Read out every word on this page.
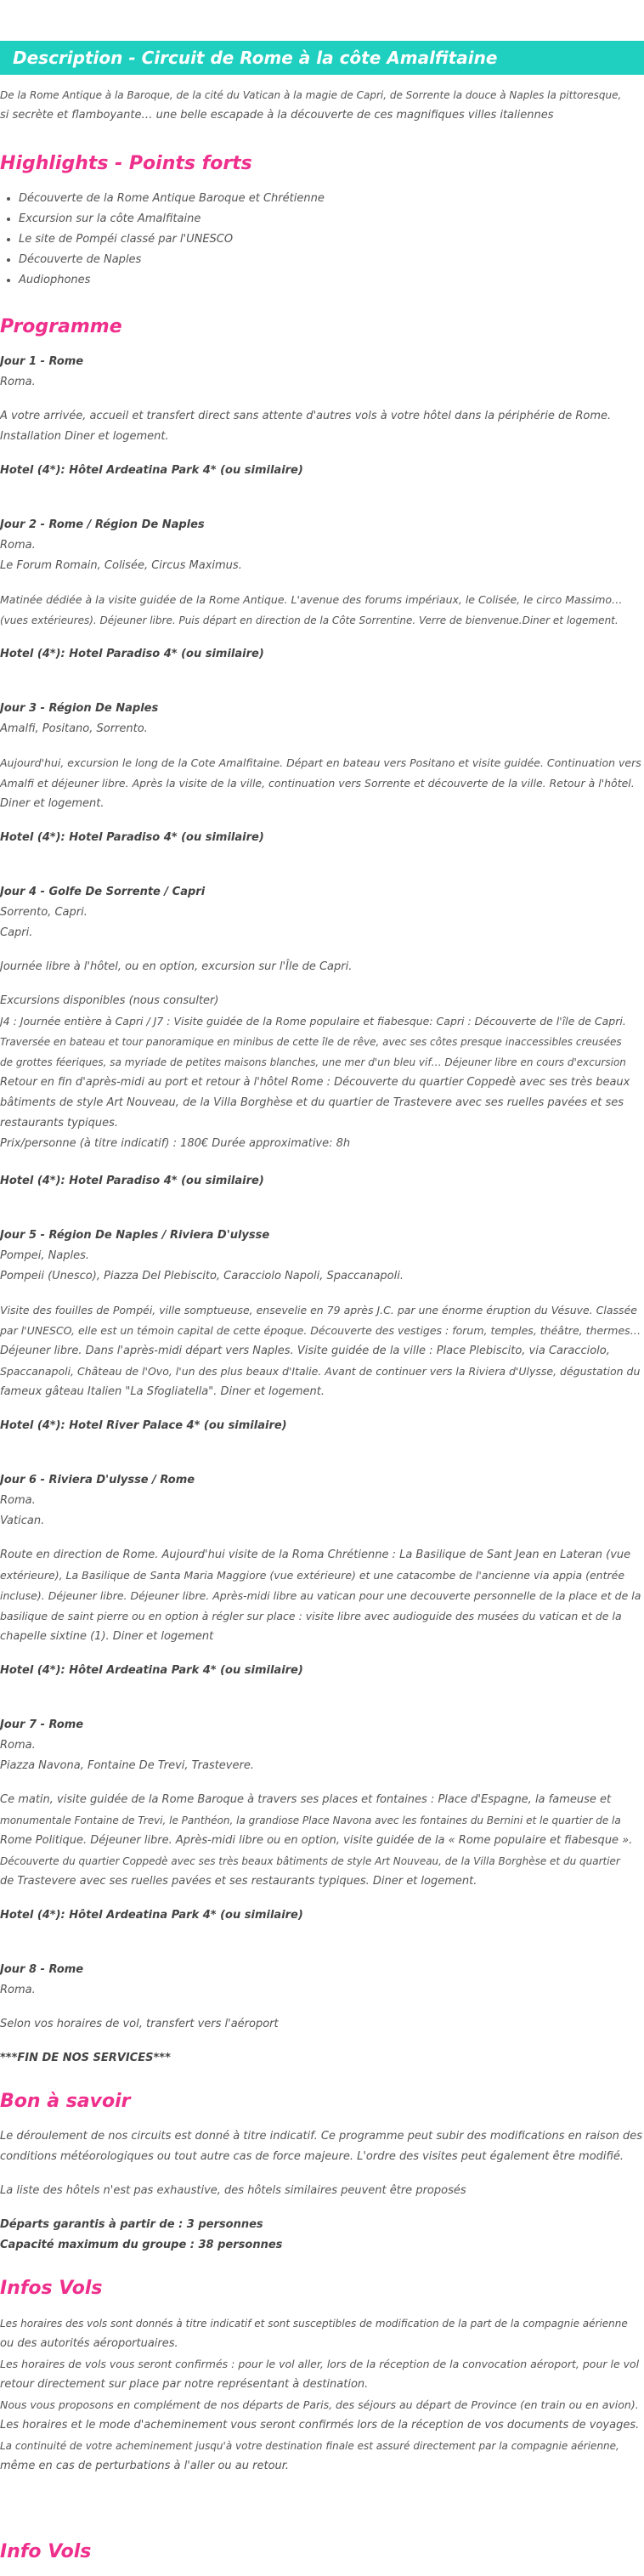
Description - Circuit de Rome à la côte Amalfitaine

De la Rome Antique à la Baroque, de la cité du Vatican à la magie de Capri, de Sorrente la douce à Naples la pittoresque,

si secrète et flamboyante… une belle escapade à la découverte de ces magnifiques villes italiennes

Highlights - Points forts
• Découverte de la Rome Antique Baroque et Chrétienne
• Excursion sur la côte Amalfitaine
• Le site de Pompéi classé par l'UNESCO
• Découverte de Naples
• Audiophones
Programme

Jour 1 - Rome

Roma.

A votre arrivée, accueil et transfert direct sans attente d'autres vols à votre hôtel dans la périphérie de Rome.

Installation Diner et logement.

Hotel (4*): Hôtel Ardeatina Park 4* (ou similaire)

Jour 2 - Rome / Région De Naples

Roma.

Le Forum Romain, Colisée, Circus Maximus.

Matinée dédiée à la visite guidée de la Rome Antique. L'avenue des forums impériaux, le Colisée, le circo Massimo…

(vues extérieures). Déjeuner libre. Puis départ en direction de la Côte Sorrentine. Verre de bienvenue.Diner et logement.

Hotel (4*): Hotel Paradiso 4* (ou similaire)

Jour 3 - Région De Naples

Amalfi, Positano, Sorrento.

Aujourd'hui, excursion le long de la Cote Amalfitaine. Départ en bateau vers Positano et visite guidée. Continuation vers

Amalfi et déjeuner libre. Après la visite de la ville, continuation vers Sorrente et découverte de la ville. Retour à l'hôtel.

Diner et logement.

Hotel (4*): Hotel Paradiso 4* (ou similaire)

Jour 4 - Golfe De Sorrente / Capri

Sorrento, Capri.

Capri.

Journée libre à l'hôtel, ou en option, excursion sur l'Île de Capri.

Excursions disponibles (nous consulter)

J4 : Journée entière à Capri / J7 : Visite guidée de la Rome populaire et fiabesque: Capri : Découverte de l'île de Capri.

Traversée en bateau et tour panoramique en minibus de cette île de rêve, avec ses côtes presque inaccessibles creusées

de grottes féeriques, sa myriade de petites maisons blanches, une mer d'un bleu vif… Déjeuner libre en cours d'excursion

Retour en fin d'après-midi au port et retour à l'hôtel Rome : Découverte du quartier Coppedè avec ses très beaux

bâtiments de style Art Nouveau, de la Villa Borghèse et du quartier de Trastevere avec ses ruelles pavées et ses

restaurants typiques.

Prix/personne (à titre indicatif) : 180€ Durée approximative: 8h

Hotel (4*): Hotel Paradiso 4* (ou similaire)

Jour 5 - Région De Naples / Riviera D'ulysse

Pompei, Naples.

Pompeii (Unesco), Piazza Del Plebiscito, Caracciolo Napoli, Spaccanapoli.

Visite des fouilles de Pompéi, ville somptueuse, ensevelie en 79 après J.C. par une énorme éruption du Vésuve. Classée

par l'UNESCO, elle est un témoin capital de cette époque. Découverte des vestiges : forum, temples, théâtre, thermes…

Déjeuner libre. Dans l'après-midi départ vers Naples. Visite guidée de la ville : Place Plebiscito, via Caracciolo,

Spaccanapoli, Château de l'Ovo, l'un des plus beaux d'Italie. Avant de continuer vers la Riviera d'Ulysse, dégustation du

fameux gâteau Italien "La Sfogliatella". Diner et logement.

Hotel (4*): Hotel River Palace 4* (ou similaire)

Jour 6 - Riviera D'ulysse / Rome

Roma.

Vatican.

Route en direction de Rome. Aujourd'hui visite de la Roma Chrétienne : La Basilique de Sant Jean en Lateran (vue

extérieure), La Basilique de Santa Maria Maggiore (vue extérieure) et une catacombe de l'ancienne via appia (entrée

incluse). Déjeuner libre. Déjeuner libre. Après-midi libre au vatican pour une decouverte personnelle de la place et de la

basilique de saint pierre ou en option à régler sur place : visite libre avec audioguide des musées du vatican et de la

chapelle sixtine (1). Diner et logement

Hotel (4*): Hôtel Ardeatina Park 4* (ou similaire)

Jour 7 - Rome

Roma.

Piazza Navona, Fontaine De Trevi, Trastevere.

Ce matin, visite guidée de la Rome Baroque à travers ses places et fontaines : Place d'Espagne, la fameuse et

monumentale Fontaine de Trevi, le Panthéon, la grandiose Place Navona avec les fontaines du Bernini et le quartier de la

Rome Politique. Déjeuner libre. Après-midi libre ou en option, visite guidée de la « Rome populaire et fiabesque ».

Découverte du quartier Coppedè avec ses très beaux bâtiments de style Art Nouveau, de la Villa Borghèse et du quartier

de Trastevere avec ses ruelles pavées et ses restaurants typiques. Diner et logement.

Hotel (4*): Hôtel Ardeatina Park 4* (ou similaire)

Jour 8 - Rome

Roma.

Selon vos horaires de vol, transfert vers l'aéroport
***FIN DE NOS SERVICES***
Bon à savoir

Le déroulement de nos circuits est donné à titre indicatif. Ce programme peut subir des modifications en raison des

conditions météorologiques ou tout autre cas de force majeure. L'ordre des visites peut également être modifié.

La liste des hôtels n'est pas exhaustive, des hôtels similaires peuvent être proposés

Départs garantis à partir de : 3 personnes

Capacité maximum du groupe : 38 personnes

Infos Vols

Les horaires des vols sont donnés à titre indicatif et sont susceptibles de modification de la part de la compagnie aérienne

ou des autorités aéroportuaires.

Les horaires de vols vous seront confirmés : pour le vol aller, lors de la réception de la convocation aéroport, pour le vol

retour directement sur place par notre représentant à destination.

Nous vous proposons en complément de nos départs de Paris, des séjours au départ de Province (en train ou en avion).

Les horaires et le mode d'acheminement vous seront confirmés lors de la réception de vos documents de voyages.

La continuité de votre acheminement jusqu'à votre destination finale est assuré directement par la compagnie aérienne,

même en cas de perturbations à l'aller ou au retour.

Info Vols
